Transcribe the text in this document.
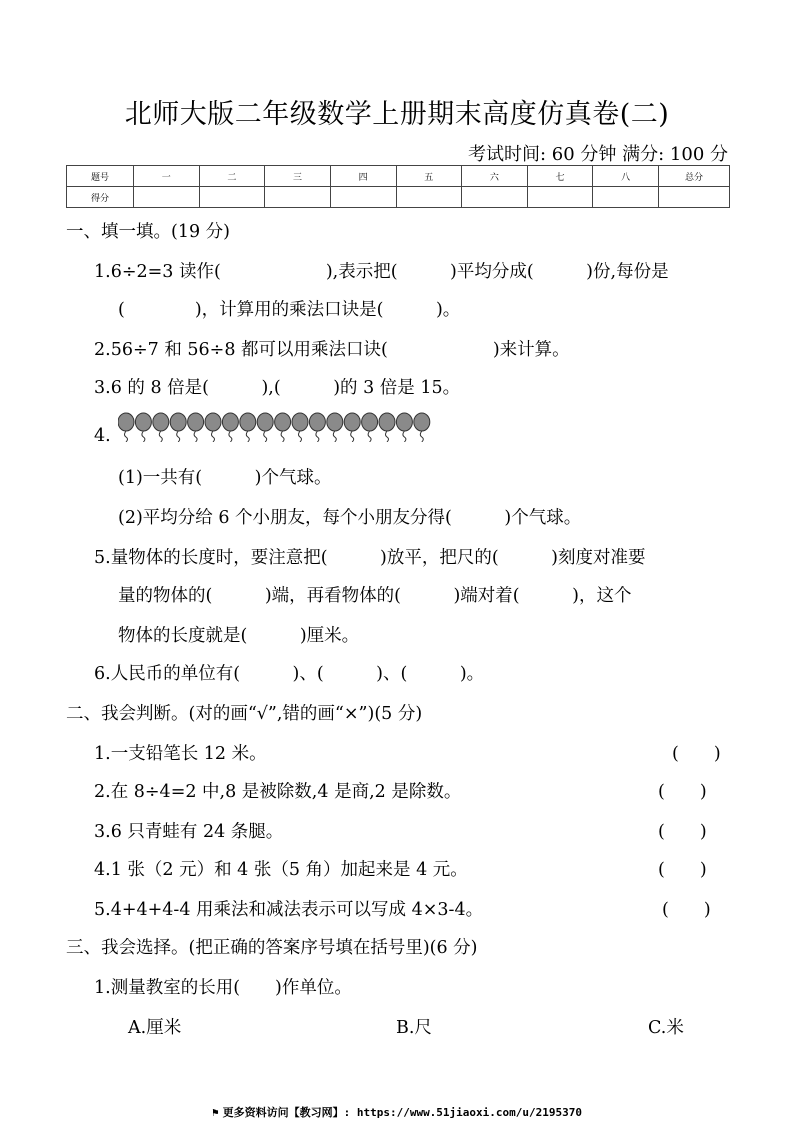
北师大版二年级数学上册期末高度仿真卷(二)
考试时间: 60 分钟 满分: 100 分
题号	一	二	三	四	五	六	七	八	总分
得分									
一、填一填。(19 分)
1.6÷2=3 读作(　　　　　　),表示把(　　　)平均分成(　　　)份,每份是
(　　　　)，计算用的乘法口诀是(　　　)。
2.56÷7 和 56÷8 都可以用乘法口诀(　　　　　　)来计算。
3.6 的 8 倍是(　　　),(　　　)的 3 倍是 15。
4.
(1)一共有(　　　)个气球。
(2)平均分给 6 个小朋友，每个小朋友分得(　　　)个气球。
5.量物体的长度时，要注意把(　　　)放平，把尺的(　　　)刻度对准要
量的物体的(　　　)端，再看物体的(　　　)端对着(　　　)，这个
物体的长度就是(　　　)厘米。
6.人民币的单位有(　　　)、(　　　)、(　　　)。
二、我会判断。(对的画“√”,错的画“×”)(5 分)
1.一支铅笔长 12 米。	(　　)
2.在 8÷4=2 中,8 是被除数,4 是商,2 是除数。	(　　)
3.6 只青蛙有 24 条腿。	(　　)
4.1 张（2 元）和 4 张（5 角）加起来是 4 元。	(　　)
5.4+4+4-4 用乘法和减法表示可以写成 4×3-4。	(　　)
三、我会选择。(把正确的答案序号填在括号里)(6 分)
1.测量教室的长用(　　)作单位。
A.厘米	B.尺	C.米
⚑ 更多资料访问【教习网】: https://www.51jiaoxi.com/u/2195370
